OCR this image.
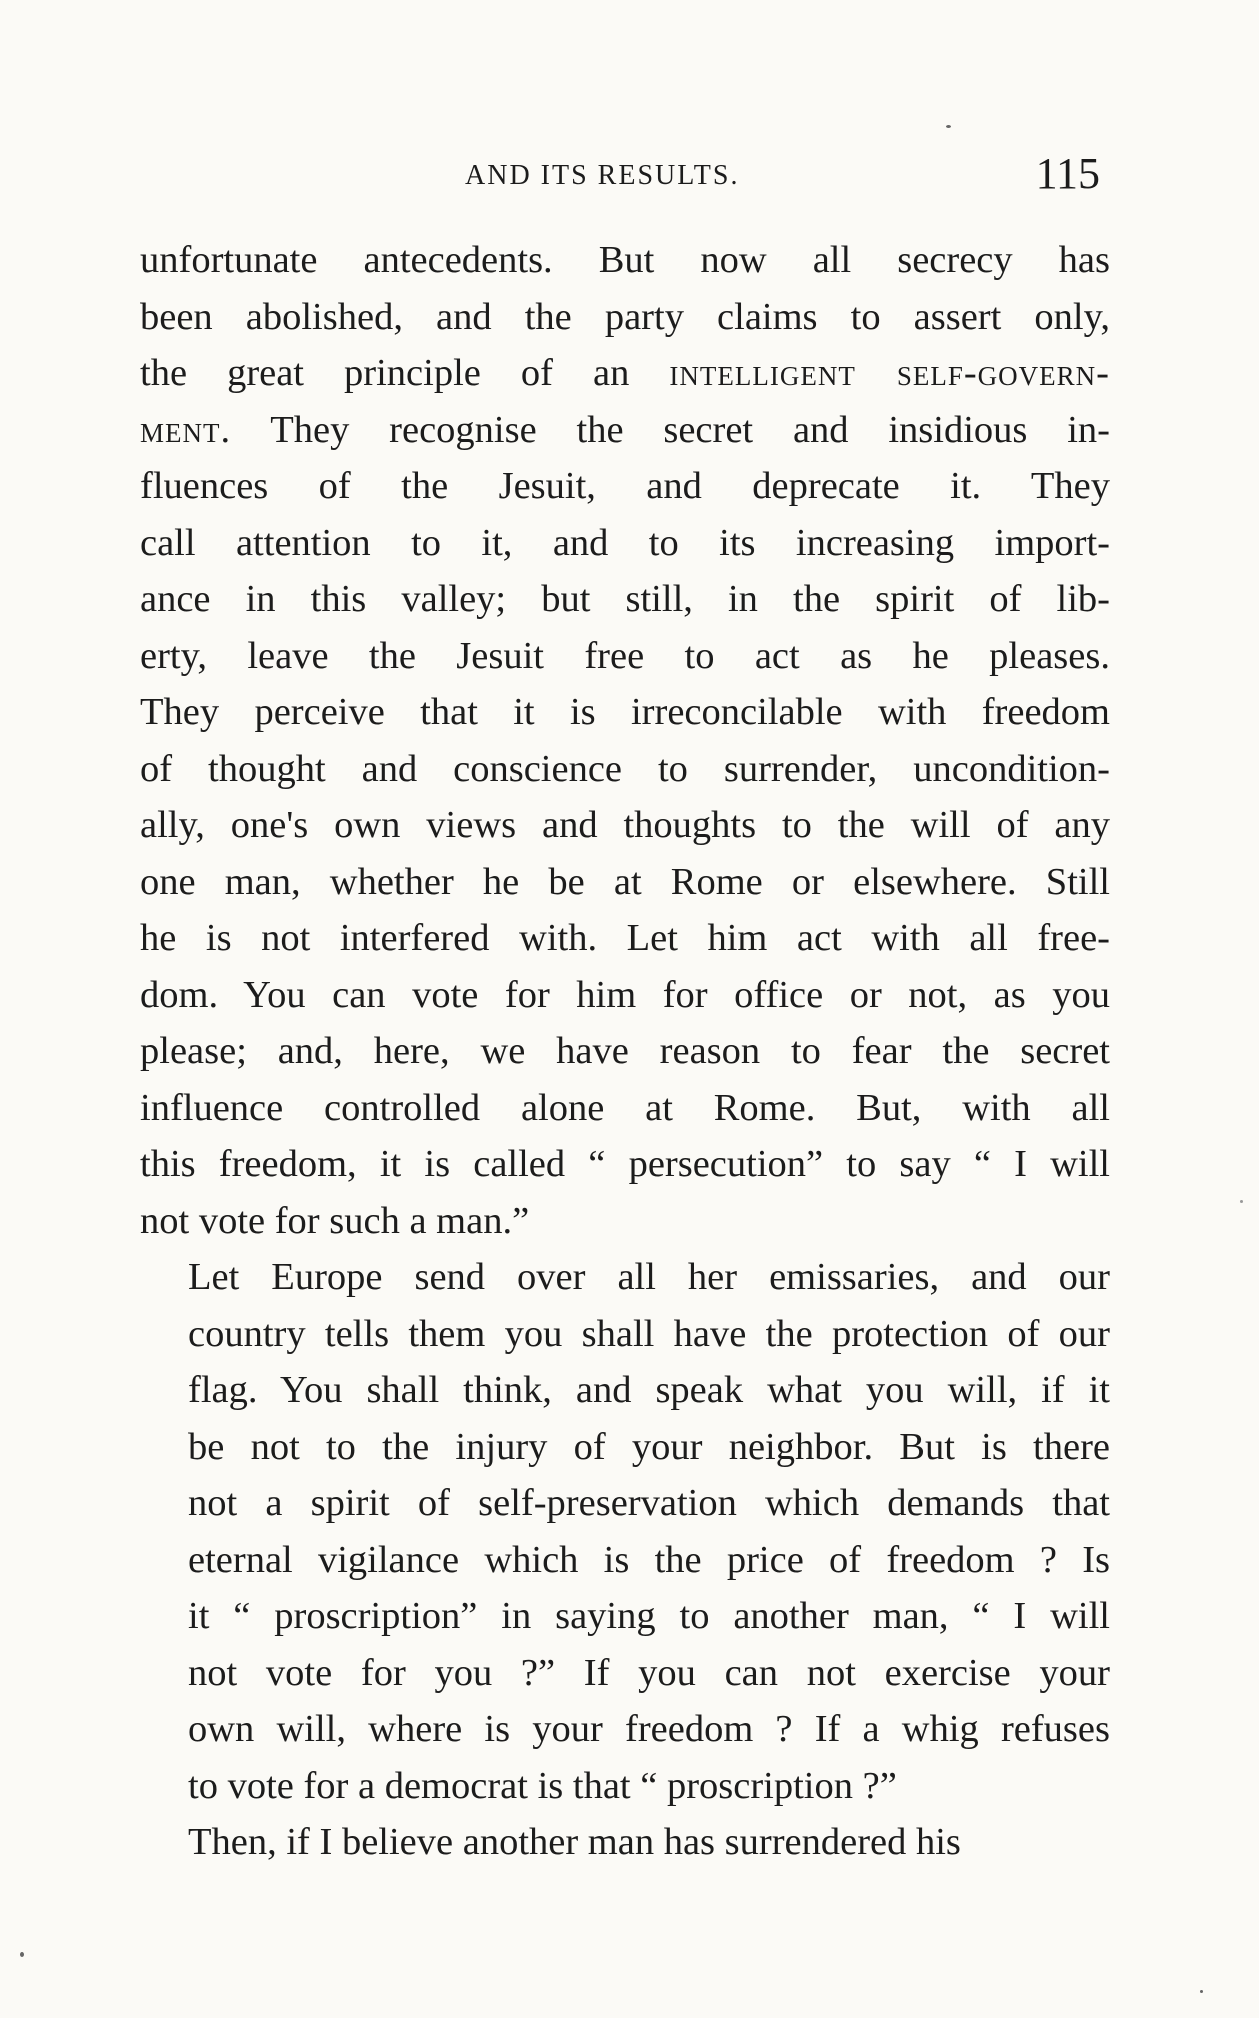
AND ITS RESULTS.	115

unfortunate antecedents. But now all secrecy has
been abolished, and the party claims to assert only,
the great principle of an intelligent self-govern-
ment. They recognise the secret and insidious in-
fluences of the Jesuit, and deprecate it. They
call attention to it, and to its increasing import-
ance in this valley; but still, in the spirit of lib-
erty, leave the Jesuit free to act as he pleases.
They perceive that it is irreconcilable with freedom
of thought and conscience to surrender, uncondition-
ally, one's own views and thoughts to the will of any
one man, whether he be at Rome or elsewhere. Still
he is not interfered with. Let him act with all free-
dom. You can vote for him for office or not, as you
please; and, here, we have reason to fear the secret
influence controlled alone at Rome. But, with all
this freedom, it is called “ persecution” to say “ I will
not vote for such a man.”

Let Europe send over all her emissaries, and our
country tells them you shall have the protection of our
flag. You shall think, and speak what you will, if it
be not to the injury of your neighbor. But is there
not a spirit of self-preservation which demands that
eternal vigilance which is the price of freedom ? Is
it “ proscription” in saying to another man, “ I will
not vote for you ?” If you can not exercise your
own will, where is your freedom ? If a whig refuses
to vote for a democrat is that “ proscription ?”

Then, if I believe another man has surrendered his
